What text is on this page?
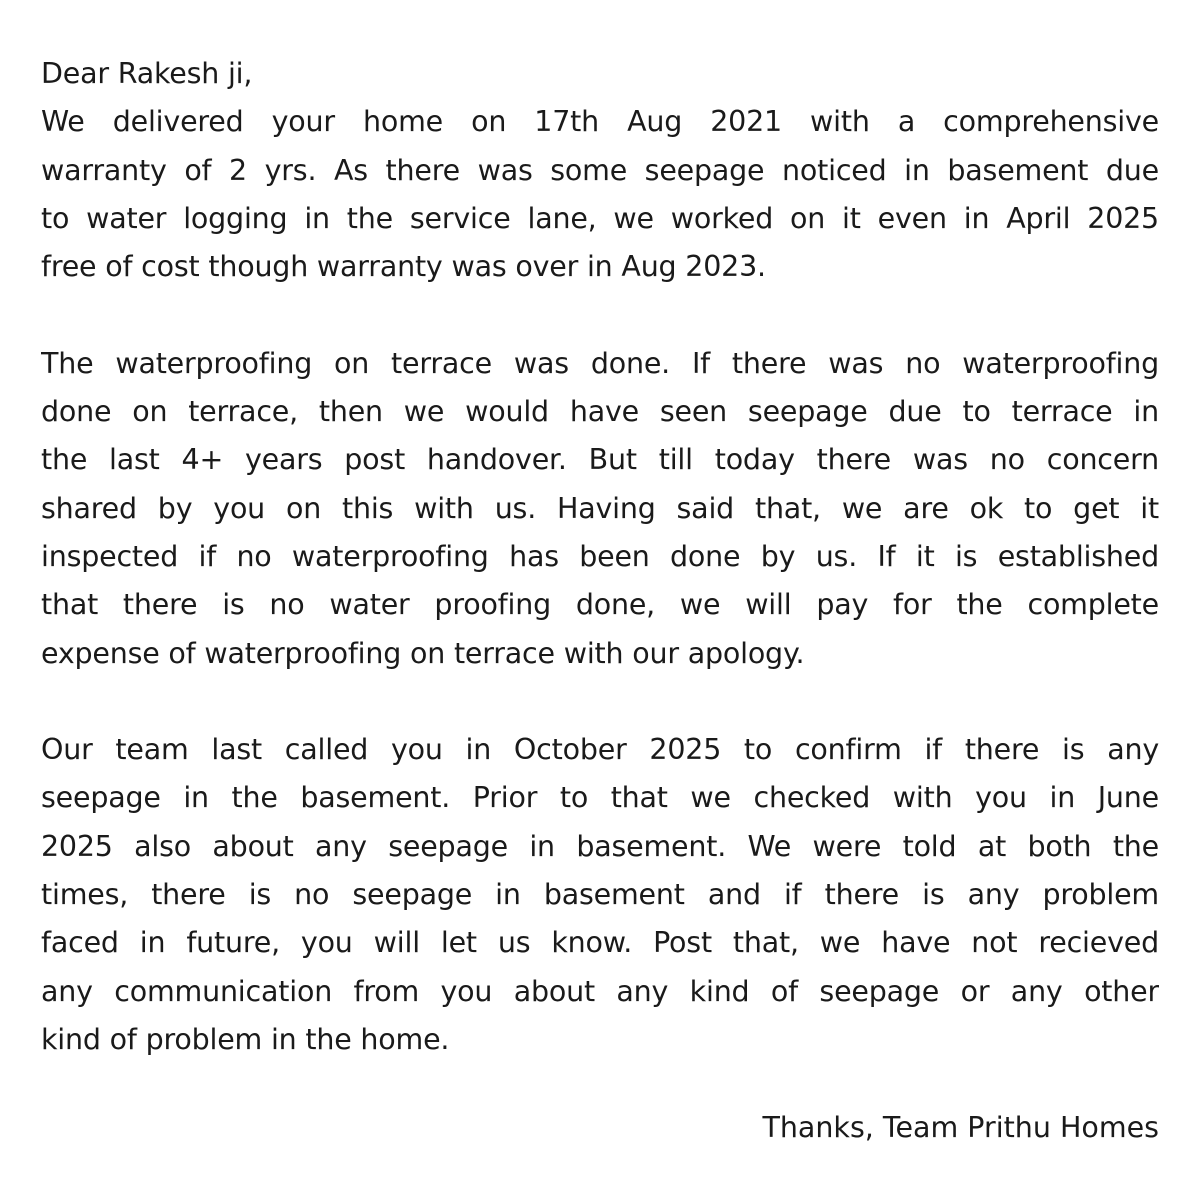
Dear Rakesh ji,
We delivered your home on 17th Aug 2021 with a comprehensive
warranty of 2 yrs. As there was some seepage noticed in basement due
to water logging in the service lane, we worked on it even in April 2025
free of cost though warranty was over in Aug 2023.
The waterproofing on terrace was done. If there was no waterproofing
done on terrace, then we would have seen seepage due to terrace in
the last 4+ years post handover. But till today there was no concern
shared by you on this with us. Having said that, we are ok to get it
inspected if no waterproofing has been done by us. If it is established
that there is no water proofing done, we will pay for the complete
expense of waterproofing on terrace with our apology.
Our team last called you in October 2025 to confirm if there is any
seepage in the basement. Prior to that we checked with you in June
2025 also about any seepage in basement. We were told at both the
times, there is no seepage in basement and if there is any problem
faced in future, you will let us know. Post that, we have not recieved
any communication from you about any kind of seepage or any other
kind of problem in the home.
Thanks, Team Prithu Homes
